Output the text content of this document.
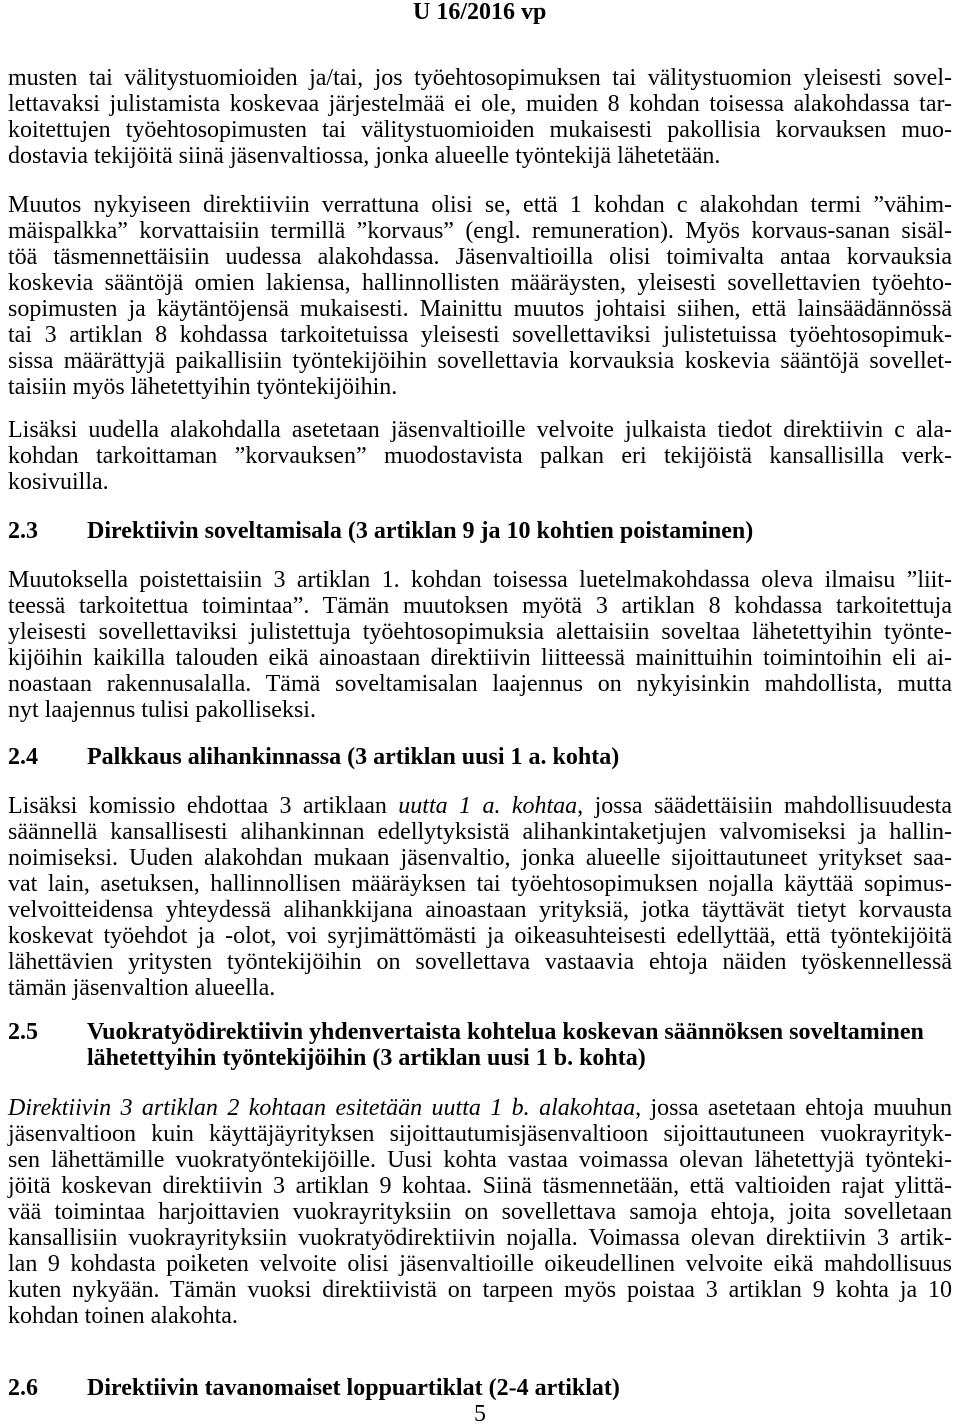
U 16/2016 vp
musten tai välitystuomioiden ja/tai, jos työehtosopimuksen tai välitystuomion yleisesti sovel-
lettavaksi julistamista koskevaa järjestelmää ei ole, muiden 8 kohdan toisessa alakohdassa tar-
koitettujen työehtosopimusten tai välitystuomioiden mukaisesti pakollisia korvauksen muo-
dostavia tekijöitä siinä jäsenvaltiossa, jonka alueelle työntekijä lähetetään.
Muutos nykyiseen direktiiviin verrattuna olisi se, että 1 kohdan c alakohdan termi ”vähim-
mäispalkka” korvattaisiin termillä ”korvaus” (engl. remuneration). Myös korvaus-sanan sisäl-
töä täsmennettäisiin uudessa alakohdassa. Jäsenvaltioilla olisi toimivalta antaa korvauksia
koskevia sääntöjä omien lakiensa, hallinnollisten määräysten, yleisesti sovellettavien työehto-
sopimusten ja käytäntöjensä mukaisesti. Mainittu muutos johtaisi siihen, että lainsäädännössä
tai 3 artiklan 8 kohdassa tarkoitetuissa yleisesti sovellettaviksi julistetuissa työehtosopimuk-
sissa määrättyjä paikallisiin työntekijöihin sovellettavia korvauksia koskevia sääntöjä sovellet-
taisiin myös lähetettyihin työntekijöihin.
Lisäksi uudella alakohdalla asetetaan jäsenvaltioille velvoite julkaista tiedot direktiivin c ala-
kohdan tarkoittaman ”korvauksen” muodostavista palkan eri tekijöistä kansallisilla verk-
kosivuilla.
2.3 Direktiivin soveltamisala (3 artiklan 9 ja 10 kohtien poistaminen)
Muutoksella poistettaisiin 3 artiklan 1. kohdan toisessa luetelmakohdassa oleva ilmaisu ”liit-
teessä tarkoitettua toimintaa”. Tämän muutoksen myötä 3 artiklan 8 kohdassa tarkoitettuja
yleisesti sovellettaviksi julistettuja työehtosopimuksia alettaisiin soveltaa lähetettyihin työnte-
kijöihin kaikilla talouden eikä ainoastaan direktiivin liitteessä mainittuihin toimintoihin eli ai-
noastaan rakennusalalla. Tämä soveltamisalan laajennus on nykyisinkin mahdollista, mutta
nyt laajennus tulisi pakolliseksi.
2.4 Palkkaus alihankinnassa (3 artiklan uusi 1 a. kohta)
Lisäksi komissio ehdottaa 3 artiklaan uutta 1 a. kohtaa, jossa säädettäisiin mahdollisuudesta
säännellä kansallisesti alihankinnan edellytyksistä alihankintaketjujen valvomiseksi ja hallin-
noimiseksi. Uuden alakohdan mukaan jäsenvaltio, jonka alueelle sijoittautuneet yritykset saa-
vat lain, asetuksen, hallinnollisen määräyksen tai työehtosopimuksen nojalla käyttää sopimus-
velvoitteidensa yhteydessä alihankkijana ainoastaan yrityksiä, jotka täyttävät tietyt korvausta
koskevat työehdot ja -olot, voi syrjimättömästi ja oikeasuhteisesti edellyttää, että työntekijöitä
lähettävien yritysten työntekijöihin on sovellettava vastaavia ehtoja näiden työskennellessä
tämän jäsenvaltion alueella.
2.5 Vuokratyödirektiivin yhdenvertaista kohtelua koskevan säännöksen soveltaminen
lähetettyihin työntekijöihin (3 artiklan uusi 1 b. kohta)
Direktiivin 3 artiklan 2 kohtaan esitetään uutta 1 b. alakohtaa, jossa asetetaan ehtoja muuhun
jäsenvaltioon kuin käyttäjäyrityksen sijoittautumisjäsenvaltioon sijoittautuneen vuokrayrityk-
sen lähettämille vuokratyöntekijöille. Uusi kohta vastaa voimassa olevan lähetettyjä työnteki-
jöitä koskevan direktiivin 3 artiklan 9 kohtaa. Siinä täsmennetään, että valtioiden rajat ylittä-
vää toimintaa harjoittavien vuokrayrityksiin on sovellettava samoja ehtoja, joita sovelletaan
kansallisiin vuokrayrityksiin vuokratyödirektiivin nojalla. Voimassa olevan direktiivin 3 artik-
lan 9 kohdasta poiketen velvoite olisi jäsenvaltioille oikeudellinen velvoite eikä mahdollisuus
kuten nykyään. Tämän vuoksi direktiivistä on tarpeen myös poistaa 3 artiklan 9 kohta ja 10
kohdan toinen alakohta.
2.6 Direktiivin tavanomaiset loppuartiklat (2-4 artiklat)
5
